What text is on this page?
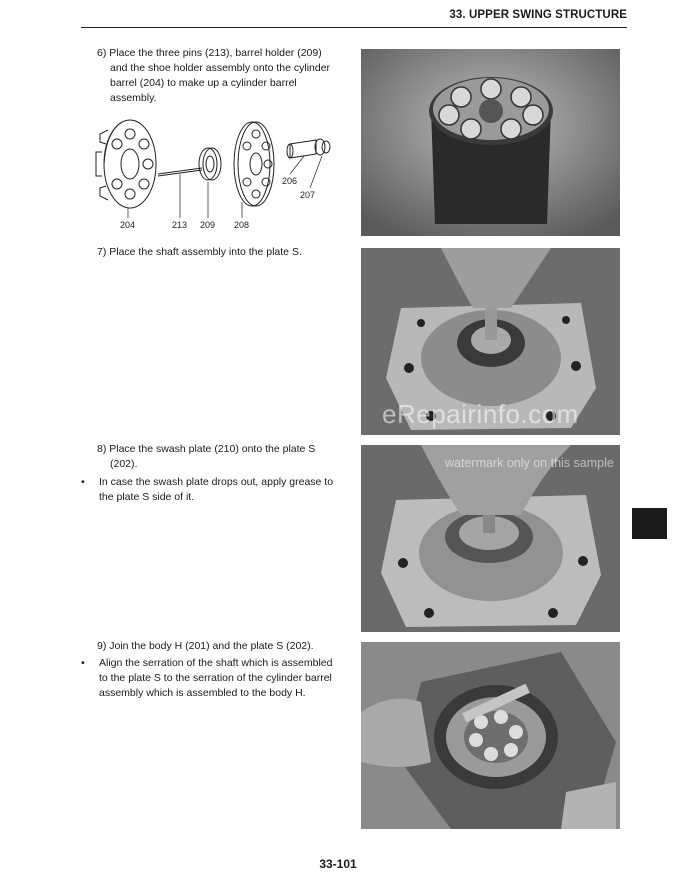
33. UPPER SWING STRUCTURE
6) Place the three pins (213), barrel holder (209)
and the shoe holder assembly onto the cylinder
barrel (204) to make up a cylinder barrel
assembly.
204	213 209 208
206
207
7) Place the shaft assembly into the plate S.
8) Place the swash plate (210) onto the plate S
(202).
• In case the swash plate drops out, apply grease to
the plate S side of it.
eRepairinfo.com
watermark only on this sample
9) Join the body H (201) and the plate S (202).
• Align the serration of the shaft which is assembled
to the plate S to the serration of the cylinder barrel
assembly which is assembled to the body H.
33-101
